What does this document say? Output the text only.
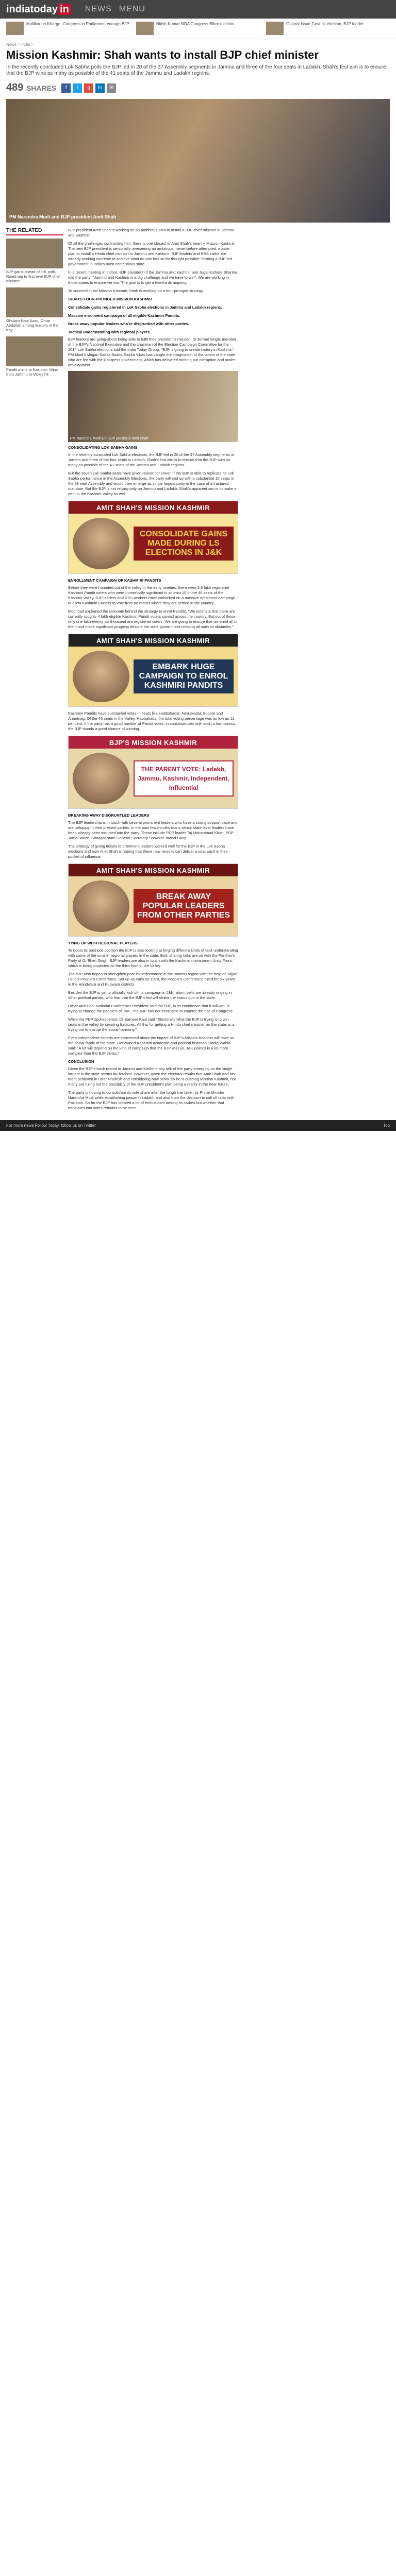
indiatoday in NEWS MENU
Mallikarjun Kharge: Congress in Parliament enough BJP	Nitish Kumar NDA Congress Bihar election	Gujarat issue Govt hit election, BJP leader
News > India >
Mission Kashmir: Shah wants to install BJP chief minister

In the recently concluded Lok Sabha polls the BJP led in 20 of the 37 Assembly segments in Jammu and three of the four seats in Ladakh. Shah's first aim is to ensure that the BJP wins as many as possible of the 41 seats of the Jammu and Ladakh regions.

489 SHARES	f	t	g	in	✉
PM Narendra Modi and BJP president Amit Shah
THE RELATED

BJP gains ahead of J-K polls: Roadmap to first ever BJP chief minister

Ghulam Nabi Azad, Omar Abdullah among leaders in the fray

Pandit plans to Kashmir: Wins from Jammu to Valley hit

BJP president Amit Shah is working on an ambitious plan to install a BJP chief minister in Jammu and Kashmir.

Of all the challenges confronting him, there is one closest to Amit Shah's heart -- Mission Kashmir. The new BJP president is personally overseeing an ambitious, never-before attempted, master plan to install a Hindu chief minister in Jammu and Kashmir. BJP leaders and RSS cadre are already working overtime to achieve what no one has so far thought possible: forming a BJP-led government in India's most contentious state.

In a recent meeting in Indore, BJP president of the Jammu and Kashmir unit Jugal Kishore Sharma told the party: "Jammu and Kashmir is a big challenge and we have to win". We are working in those states to ensure we win. The goal is to get a two-thirds majority.

To succeed in his Mission Kashmir, Shah is working on a four-pronged strategy.

SHAH'S FOUR-PRONGED MISSION KASHMIR
Consolidate gains registered in Lok Sabha elections in Jammu and Ladakh regions.
Massive enrolment campaign of all eligible Kashmiri Pandits.
Break away popular leaders who're disgruntled with other parties.
Tactical understanding with regional players.

BJP leaders are going about being able to fulfil their president's mission. Dr Nirmal Singh, member of the BJP's National Executive and the chairman of the Election Campaign Committee for the 2014 Lok Sabha elections told the India Today Group, "BJP is going to create history in Kashmir." PM Modi's slogan Sabka Saath, Sabka Vikas has caught the imagination of the voters of the state who are fed with the Congress government, which has delivered nothing but corruption and under-development.

PM Narendra Modi and BJP president Amit Shah
CONSOLIDATING LOK SABHA GAINS

In the recently concluded Lok Sabha elections, the BJP led in 20 of the 37 Assembly segments in Jammu and three of the four seats in Ladakh. Shah's first aim is to ensure that the BJP wins as many as possible of the 41 seats of the Jammu and Ladakh regions.

But the seven Lok Sabha seats have given reason for cheer. If the BJP is able to replicate its Lok Sabha performance in the Assembly Elections, the party will end up with a substantial 32 seats in the 88 seat Assembly and would then emerge as single largest party in the case of a fractured mandate. But the BJP is not relying only on Jammu and Ladakh. Shah's apparent aim is to make a dent in the Kashmir Valley as well.

AMIT SHAH'S MISSION KASHMIR
CONSOLIDATE GAINS MADE DURING LS ELECTIONS IN J&K
ENROLLMENT CAMPAIGN OF KASHMIRI PANDITS

Before they were hounded out of the valley in the early nineties, there were 2.5 lakh registered Kashmiri Pandit voters who were numerically significant in at least 15 of the 46 seats of the Kashmir Valley. BJP leaders and RSS workers have embarked on a massive enrolment campaign to allow Kashmiri Pandits to vote from no matter where they are settled in the country.

Modi had explained the rationale behind the strategy to enrol Pandits. "We estimate that there are currently roughly 4 lakh eligible Kashmiri Pandit voters spread across the country. But out of those only one lakh-twenty six thousand are registered voters. We are going to ensure that we enrol all of them and make significant progress despite the state government creating all sorts of obstacles."

AMIT SHAH'S MISSION KASHMIR
EMBARK HUGE CAMPAIGN TO ENROL KASHMIRI PANDITS

Kashmiri Pandits have substantial votes in seats like Habbakadal, Amirakadal, Sopore and Anantnag. Of the 46 seats in the Valley, Habbakadal the total voting percentage was as low as 11 per cent. If the party has a good number of Pandit votes, in constituencies with such a low turnout, the BJP stands a good chance of winning.

BJP'S MISSION KASHMIR
THE PARENT VOTE: Ladakh, Jammu, Kashmir, Independent, Influential
BREAKING AWAY DISGRUNTLED LEADERS

The BJP leadership is in touch with several prominent leaders who have a strong support base and are unhappy in their present parties. In the past few months many senior state level leaders have been already been inducted into the party. Those include PDP leader Taj Mohammad Khan, PDP Jamal Waze, Srinagar state General Secretary Showkat Jawad Dang.

The strategy of giving tickets to prominent leaders worked well for the BJP in the Lok Sabha elections and now Amit Shah is hoping that these new recruits can deliver a seat each in their pocket of influence.

AMIT SHAH'S MISSION KASHMIR
BREAK AWAY POPULAR LEADERS FROM OTHER PARTIES
TYING UP WITH REGIONAL PLAYERS

To boost its post-poll position the BJP is also looking at forging different kinds of tacit understanding with some of the smaller regional players in the state. Both sharing talks are on with the Panther's Party of Dr Bhim Singh. BJP leaders are also in touch with the Kashmiri mainstream Unity Front, which is being projected as the third front in the Valley.

The BJP also hopes to strengthen post its performance in the Jammu region with the help of Sajjad Lone's People's Conference. Set up as early as 1978, the People's Conference ruled for six years in the Handwara and Kupwara districts.

Besides the BJP is yet to officially kick off its campaign in J&K, alarm bells are already ringing in other political parties, who fear that the BJP's bid will shake the status quo in the state.

Omar Abdullah, National Conference President said the BJP, in its confidence that it will win, is trying to change the people's of J&K. The BJP has not been able to counter the rise of Congress.

While the PDP spokesperson Dr Sameer Kaul said "Electorally what the BJP is trying is to win seats in the valley by creating fractures. All this for getting a Hindu chief minister on the state, is a trying out to disrupt the social harmony."

Even independent experts are concerned about the impact of BJP's Mission Kashmir will have on the social fabric of the state. Renowned Kashmiri academic and political historian Siddiq Wahid said: "A lot will depend on the kind of campaign that the BJP will run. J&K politics is a lot more complex than the BJP thinks."

CONCLUSION

Given the BJP's track record in Jammu and Kashmir any talk of the party emerging as the single largest in the state seems far-fetched. However, given the electoral results that Amit Shah and his team achieved in Uttar Pradesh and considering how seriously he is pushing Mission Kashmir, not many are ruling out the possibility of the BJP president's plan being a reality in the near future.

The party is hoping to consolidate its vote share after the tough line taken by Prime Minister Narendra Modi while establishing peace in Ladakh and also from the decision to call off talks with Pakistan. So far the BJP has created a lot of enthusiasm among its cadres but whether that translates into votes remains to be seen.

For more news Follow Today, follow us on Twitter	Top
